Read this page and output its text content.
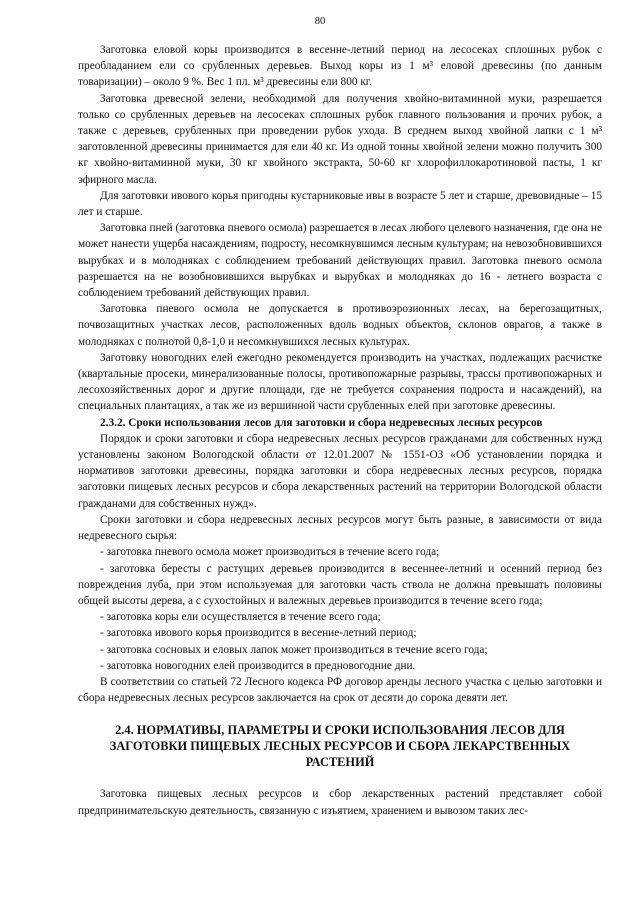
80

Заготовка еловой коры производится в весенне-летний период на лесосеках сплошных рубок с преобладанием ели со срубленных деревьев. Выход коры из 1 м³ еловой древесины (по данным товаризации) – около 9 %. Вес 1 пл. м³ древесины ели 800 кг.

Заготовка древесной зелени, необходимой для получения хвойно-витаминной муки, разрешается только со срубленных деревьев на лесосеках сплошных рубок главного пользования и прочих рубок, а также с деревьев, срубленных при проведении рубок ухода. В среднем выход хвойной лапки с 1 м³ заготовленной древесины принимается для ели 40 кг. Из одной тонны хвойной зелени можно получить 300 кг хвойно-витаминной муки, 30 кг хвойного экстракта, 50-60 кг хлорофиллокаротиновой пасты, 1 кг эфирного масла.

Для заготовки ивового корья пригодны кустарниковые ивы в возрасте 5 лет и старше, древовидные – 15 лет и старше.

Заготовка пней (заготовка пневого осмола) разрешается в лесах любого целевого назначения, где она не может нанести ущерба насаждениям, подросту, несомкнувшимся лесным культурам; на невозобновившихся вырубках и в молодняках с соблюдением требований действующих правил. Заготовка пневого осмола разрешается на не возобновившихся вырубках и вырубках и молодняках до 16 - летнего возраста с соблюдением требований действующих правил.

Заготовка пневого осмола не допускается в противоэрозионных лесах, на берегозащитных, почвозащитных участках лесов, расположенных вдоль водных объектов, склонов оврагов, а также в молодняках с полнотой 0,8-1,0 и несомкнувшихся лесных культурах.

Заготовку новогодних елей ежегодно рекомендуется производить на участках, подлежащих расчистке (квартальные просеки, минерализованные полосы, противопожарные разрывы, трассы противопожарных и лесохозяйственных дорог и другие площади, где не требуется сохранения подроста и насаждений), на специальных плантациях, а так же из вершинной части срубленных елей при заготовке древесины.

2.3.2. Сроки использования лесов для заготовки и сбора недревесных лесных ресурсов

Порядок и сроки заготовки и сбора недревесных лесных ресурсов гражданами для собственных нужд установлены законом Вологодской области от 12.01.2007 № 1551-ОЗ «Об установлении порядка и нормативов заготовки древесины, порядка заготовки и сбора недревесных лесных ресурсов, порядка заготовки пищевых лесных ресурсов и сбора лекарственных растений на территории Вологодской области гражданами для собственных нужд».

Сроки заготовки и сбора недревесных лесных ресурсов могут быть разные, в зависимости от вида недревесного сырья:

- заготовка пневого осмола может производиться в течение всего года;

- заготовка бересты с растущих деревьев производится в весеннее-летний и осенний период без повреждения луба, при этом используемая для заготовки часть ствола не должна превышать половины общей высоты дерева, а с сухостойных и валежных деревьев производится в течение всего года;

- заготовка коры ели осуществляется в течение всего года;

- заготовка ивового корья производится в весение-летний период;

- заготовка сосновых и еловых лапок может производиться в течение всего года;

- заготовка новогодних елей производится в предновогодние дни.

В соответствии со статьей 72 Лесного кодекса РФ договор аренды лесного участка с целью заготовки и сбора недревесных лесных ресурсов заключается на срок от десяти до сорока девяти лет.

2.4. НОРМАТИВЫ, ПАРАМЕТРЫ И СРОКИ ИСПОЛЬЗОВАНИЯ ЛЕСОВ ДЛЯ ЗАГОТОВКИ ПИЩЕВЫХ ЛЕСНЫХ РЕСУРСОВ И СБОРА ЛЕКАРСТВЕННЫХ РАСТЕНИЙ

Заготовка пищевых лесных ресурсов и сбор лекарственных растений представляет собой предпринимательскую деятельность, связанную с изъятием, хранением и вывозом таких лес-
